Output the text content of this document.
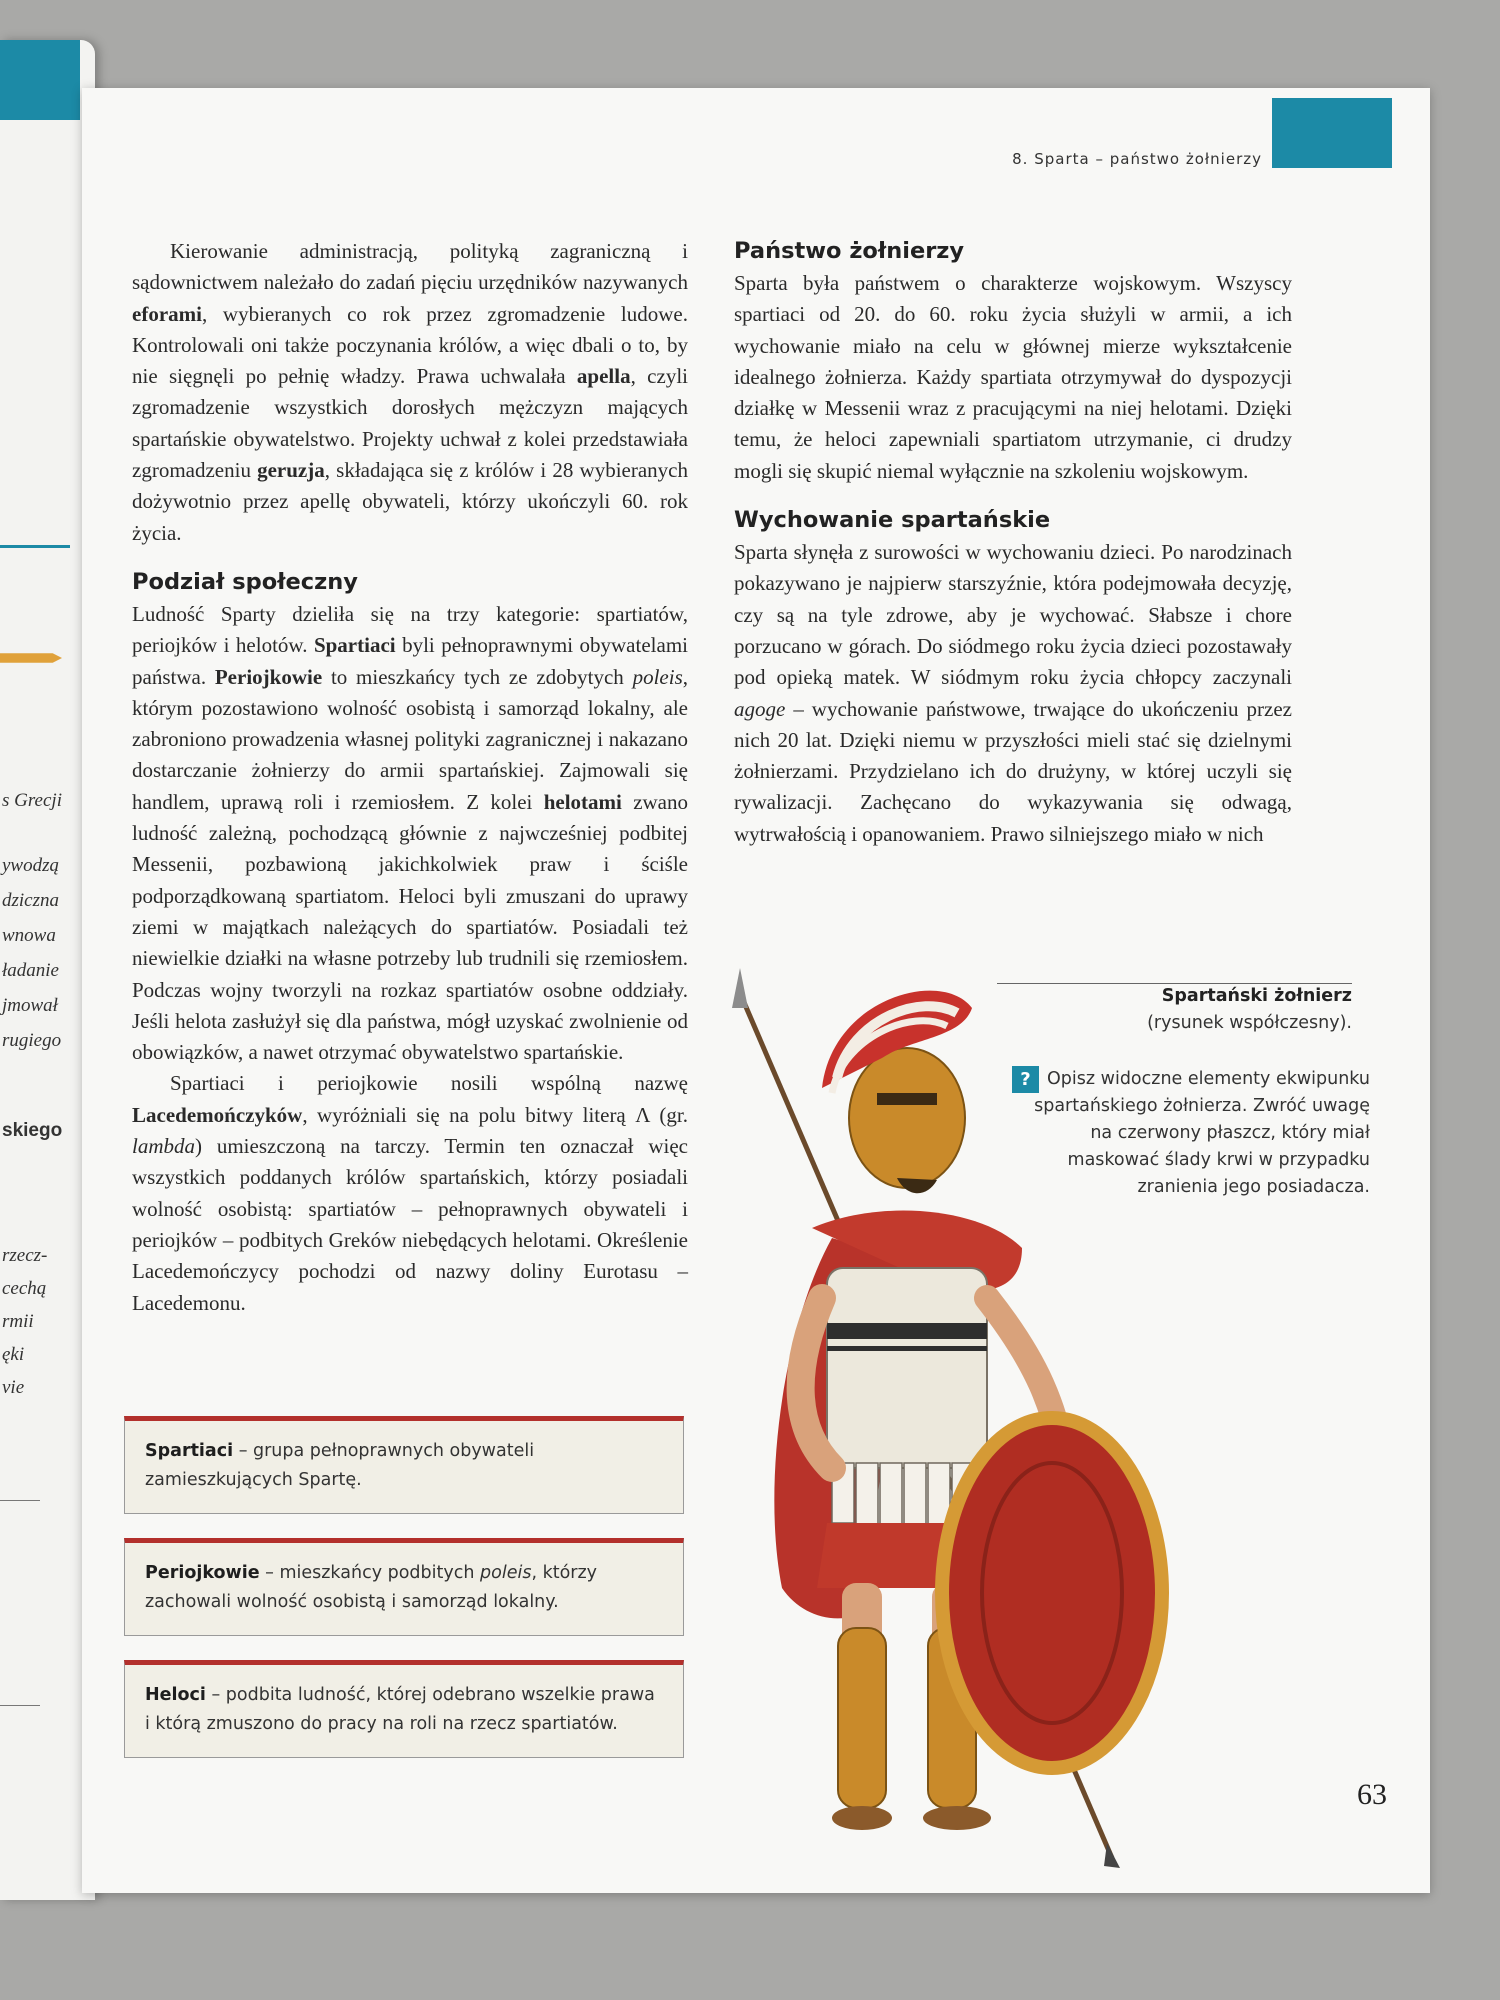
s Grecji
ywodzą
dziczna
wnowa
ładanie
jmował
rugiego
skiego
rzecz-
cechą
rmii
ęki
vie
8. Sparta – państwo żołnierzy

Kierowanie administracją, polityką zagraniczną i sądownictwem należało do zadań pięciu urzędników nazywanych eforami, wybieranych co rok przez zgromadzenie ludowe. Kontrolowali oni także poczynania królów, a więc dbali o to, by nie sięgnęli po pełnię władzy. Prawa uchwalała apella, czyli zgromadzenie wszystkich dorosłych mężczyzn mających spartańskie obywatelstwo. Projekty uchwał z kolei przedstawiała zgromadzeniu geruzja, składająca się z królów i 28 wybieranych dożywotnio przez apellę obywateli, którzy ukończyli 60. rok życia.

Podział społeczny

Ludność Sparty dzieliła się na trzy kategorie: spartiatów, periojków i helotów. Spartiaci byli pełnoprawnymi obywatelami państwa. Periojkowie to mieszkańcy tych ze zdobytych poleis, którym pozostawiono wolność osobistą i samorząd lokalny, ale zabroniono prowadzenia własnej polityki zagranicznej i nakazano dostarczanie żołnierzy do armii spartańskiej. Zajmowali się handlem, uprawą roli i rzemiosłem. Z kolei helotami zwano ludność zależną, pochodzącą głównie z najwcześniej podbitej Messenii, pozbawioną jakichkolwiek praw i ściśle podporządkowaną spartiatom. Heloci byli zmuszani do uprawy ziemi w majątkach należących do spartiatów. Posiadali też niewielkie działki na własne potrzeby lub trudnili się rzemiosłem. Podczas wojny tworzyli na rozkaz spartiatów osobne oddziały. Jeśli helota zasłużył się dla państwa, mógł uzyskać zwolnienie od obowiązków, a nawet otrzymać obywatelstwo spartańskie.

Spartiaci i periojkowie nosili wspólną nazwę Lacedemończyków, wyróżniali się na polu bitwy literą Λ (gr. lambda) umieszczoną na tarczy. Termin ten oznaczał więc wszystkich poddanych królów spartańskich, którzy posiadali wolność osobistą: spartiatów – pełnoprawnych obywateli i periojków – podbitych Greków niebędących helotami. Określenie Lacedemończycy pochodzi od nazwy doliny Eurotasu – Lacedemonu.

Spartiaci – grupa pełnoprawnych obywateli zamieszkujących Spartę.
Periojkowie – mieszkańcy podbitych poleis, którzy zachowali wolność osobistą i samorząd lokalny.
Heloci – podbita ludność, której odebrano wszelkie prawa i którą zmuszono do pracy na roli na rzecz spartiatów.
Państwo żołnierzy

Sparta była państwem o charakterze wojskowym. Wszyscy spartiaci od 20. do 60. roku życia służyli w armii, a ich wychowanie miało na celu w głównej mierze wykształcenie idealnego żołnierza. Każdy spartiata otrzymywał do dyspozycji działkę w Messenii wraz z pracującymi na niej helotami. Dzięki temu, że heloci zapewniali spartiatom utrzymanie, ci drudzy mogli się skupić niemal wyłącznie na szkoleniu wojskowym.

Wychowanie spartańskie

Sparta słynęła z surowości w wychowaniu dzieci. Po narodzinach pokazywano je najpierw starszyźnie, która podejmowała decyzję, czy są na tyle zdrowe, aby je wychować. Słabsze i chore porzucano w górach. Do siódmego roku życia dzieci pozostawały pod opieką matek. W siódmym roku życia chłopcy zaczynali agoge – wychowanie państwowe, trwające do ukończeniu przez nich 20 lat. Dzięki niemu w przyszłości mieli stać się dzielnymi żołnierzami. Przydzielano ich do drużyny, w której uczyli się rywalizacji. Zachęcano do wykazywania się odwagą, wytrwałością i opanowaniem. Prawo silniejszego miało w nich

Spartański żołnierz
(rysunek współczesny).
? Opisz widoczne elementy ekwipunku spartańskiego żołnierza. Zwróć uwagę na czerwony płaszcz, który miał maskować ślady krwi w przypadku zranienia jego posiadacza.
63
